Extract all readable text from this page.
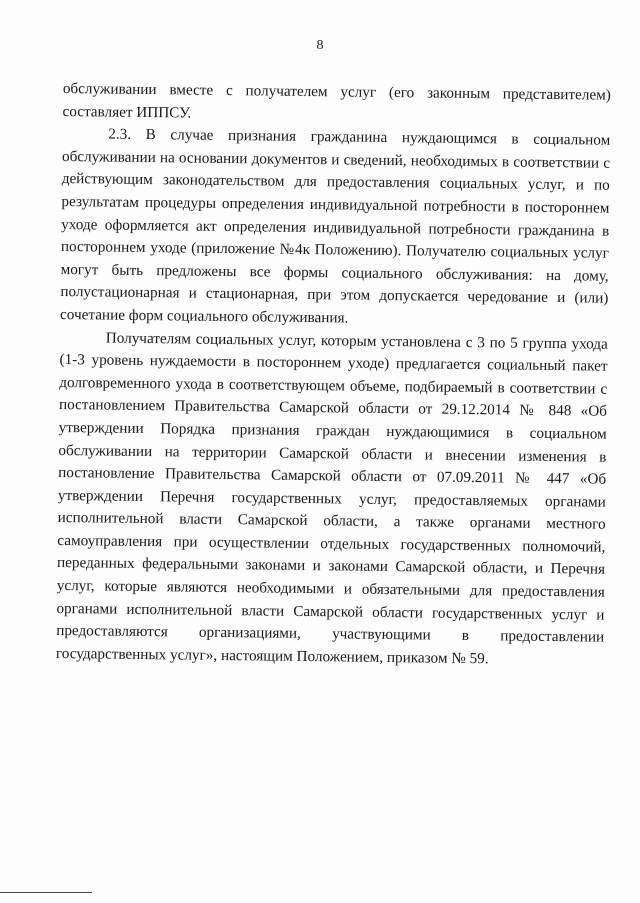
8

обслуживании вместе с получателем услуг (его законным представителем) составляет ИППСУ.

2.3. В случае признания гражданина нуждающимся в социальном обслуживании на основании документов и сведений, необходимых в соответствии с действующим законодательством для предоставления социальных услуг, и по результатам процедуры определения индивидуальной потребности в постороннем уходе оформляется акт определения индивидуальной потребности гражданина в постороннем уходе (приложение №4к Положению). Получателю социальных услуг могут быть предложены все формы социального обслуживания: на дому, полустационарная и стационарная, при этом допускается чередование и (или) сочетание форм социального обслуживания.

Получателям социальных услуг, которым установлена с 3 по 5 группа ухода (1-3 уровень нуждаемости в постороннем уходе) предлагается социальный пакет долговременного ухода в соответствующем объеме, подбираемый в соответствии с постановлением Правительства Самарской области от 29.12.2014 № 848 «Об утверждении Порядка признания граждан нуждающимися в социальном обслуживании на территории Самарской области и внесении изменения в постановление Правительства Самарской области от 07.09.2011 № 447 «Об утверждении Перечня государственных услуг, предоставляемых органами исполнительной власти Самарской области, а также органами местного самоуправления при осуществлении отдельных государственных полномочий, переданных федеральными законами и законами Самарской области, и Перечня услуг, которые являются необходимыми и обязательными для предоставления органами исполнительной власти Самарской области государственных услуг и предоставляются организациями, участвующими в предоставлении государственных услуг», настоящим Положением, приказом № 59.
